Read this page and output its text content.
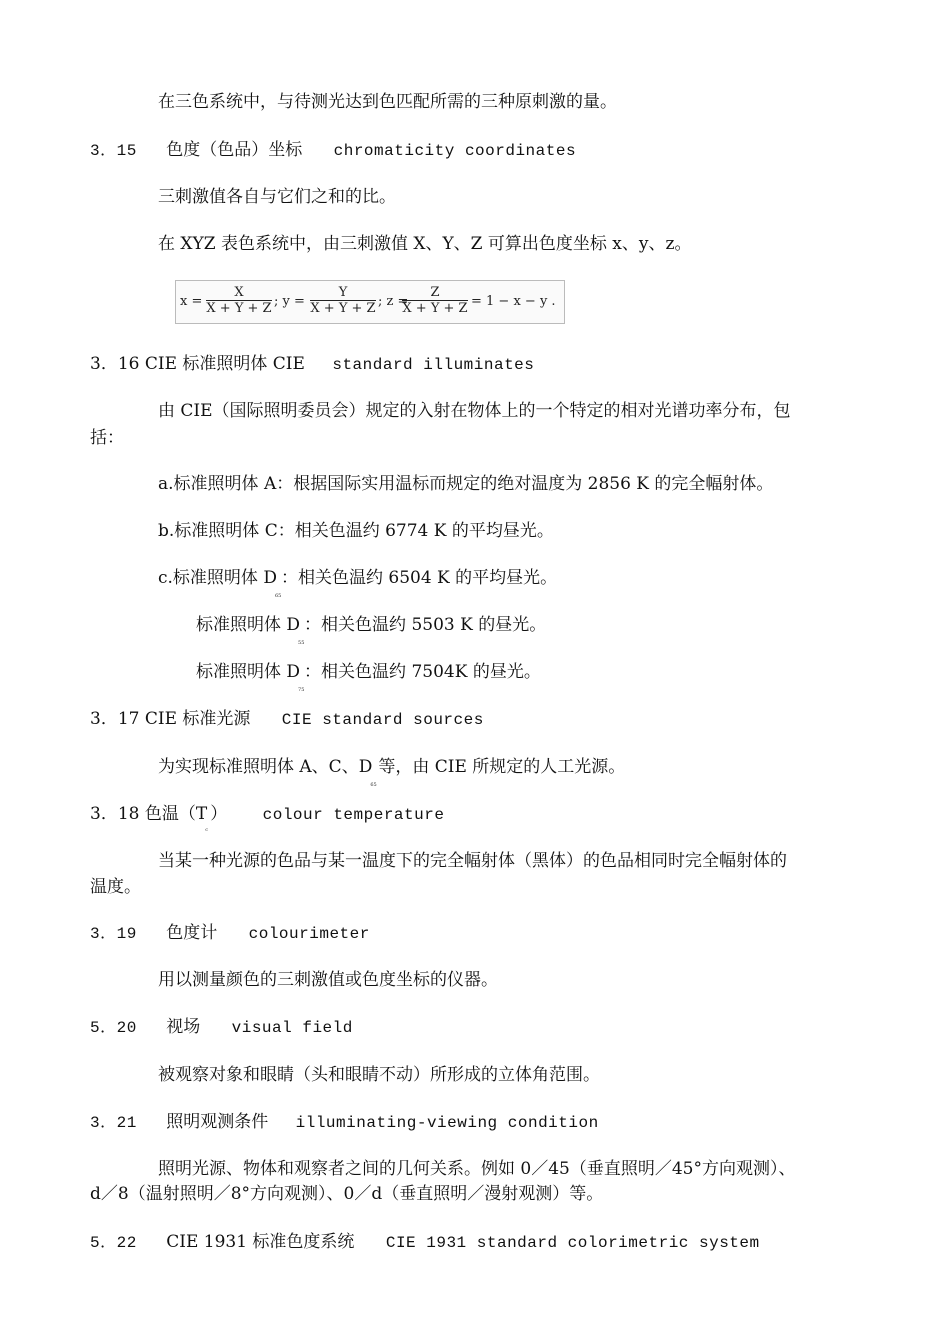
在三色系统中，与待测光达到色匹配所需的三种原刺激的量。
3．15 色度（色品）坐标 chromaticity coordinates
三刺激值各自与它们之和的比。
在 XYZ 表色系统中，由三刺激值 X、Y、Z 可算出色度坐标 x、y、z。
$x = \frac{X}{X + Y + Z}$ ; $y = \frac{Y}{X + Y + Z}$ ; z =
$\frac{Z}{X + Y + Z} = 1 - x - y$ .
3．16 CIE 标准照明体 CIE standard illuminates
由 CIE（国际照明委员会）规定的入射在物体上的一个特定的相对光谱功率分布，包
括：
a.标准照明体 A：根据国际实用温标而规定的绝对温度为 2856 K 的完全幅射体。
b.标准照明体 C：相关色温约 6774 K 的平均昼光。
c.标准照明体 D65：相关色温约 6504 K 的平均昼光。
标准照明体 D55：相关色温约 5503 K 的昼光。
标准照明体 D75：相关色温约 7504K 的昼光。
3．17 CIE 标准光源 CIE standard sources
为实现标准照明体 A、C、D65等，由 CIE 所规定的人工光源。
3．18 色温（Tc） colour temperature
当某一种光源的色品与某一温度下的完全幅射体（黑体）的色品相同时完全幅射体的
温度。
3．19 色度计 colourimeter
用以测量颜色的三刺激值或色度坐标的仪器。
5．20 视场 visual field
被观察对象和眼睛（头和眼睛不动）所形成的立体角范围。
3．21 照明观测条件 illuminating-viewing condition
照明光源、物体和观察者之间的几何关系。例如 0／45（垂直照明／45°方向观测）、
d／8（温射照明／8°方向观测）、0／d（垂直照明／漫射观测）等。
5．22 CIE 1931 标准色度系统 CIE 1931 standard colorimetric system
